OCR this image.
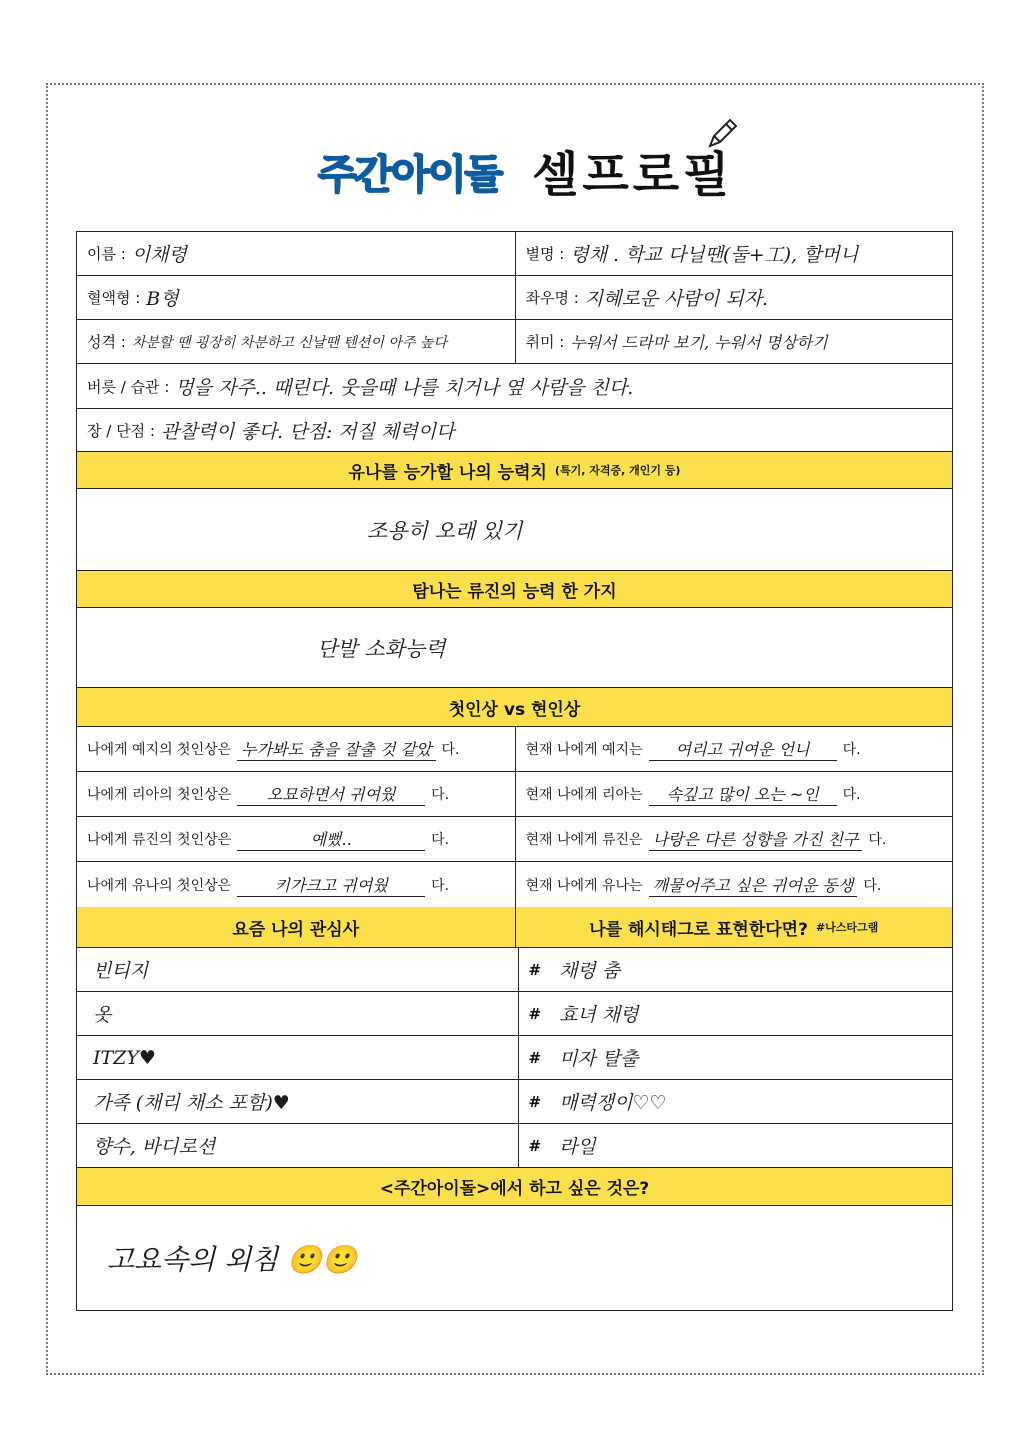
주간아이돌 셀프로필
이름 : 이채령	별명 : 령채 . 학교 다닐땐(둘+工), 할머니
혈액형 : B형	좌우명 : 지혜로운 사람이 되자.
성격 : 차분할 땐 굉장히 차분하고 신날땐 텐션이 아주 높다	취미 : 누워서 드라마 보기, 누워서 명상하기
버릇 / 습관 : 멍을 자주.. 때린다. 웃을때 나를 치거나 옆 사람을 친다.
장 / 단점 : 관찰력이 좋다. 단점: 저질 체력이다
유나를 능가할 나의 능력치 (특기, 자격증, 개인기 등)
조용히 오래 있기
탐나는 류진의 능력 한 가지
단발 소화능력
첫인상 vs 현인상
나에게 예지의 첫인상은 누가봐도 춤을 잘출 것 같았 다.	현재 나에게 예지는	여리고 귀여운 언니	다.
나에게 리아의 첫인상은	오묘하면서 귀여웠	다.	현재 나에게 리아는	속깊고 많이 오는 ~인	다.
나에게 류진의 첫인상은	예뻤..	다.	현재 나에게 류진은 나랑은 다른 성향을 가진 친구 다.
나에게 유나의 첫인상은	키가크고 귀여웠	다.	현재 나에게 유나는 깨물어주고 싶은 귀여운 동생 다.
요즘 나의 관심사	나를 해시태그로 표현한다면? #나스타그램
빈티지	# 채령 춤
옷	# 효녀 채령
ITZY♥	# 미자 탈출
가족 (채리 채소 포함)♥	# 매력쟁이♡♡
향수, 바디로션	# 라일
<주간아이돌>에서 하고 싶은 것은?
고요속의 외침 🙂🙂
